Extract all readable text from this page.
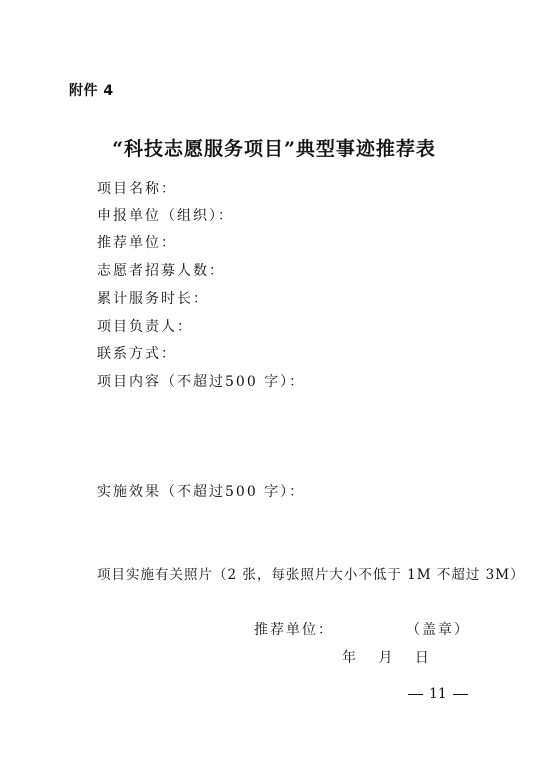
附件 4
“科技志愿服务项目”典型事迹推荐表
项目名称：
申报单位（组织）：
推荐单位：
志愿者招募人数：
累计服务时长：
项目负责人：
联系方式：
项目内容（不超过500 字）：
实施效果（不超过500 字）：
项目实施有关照片（2 张，每张照片大小不低于 1M 不超过 3M）
推荐单位：	（盖章）
年 月 日
11
